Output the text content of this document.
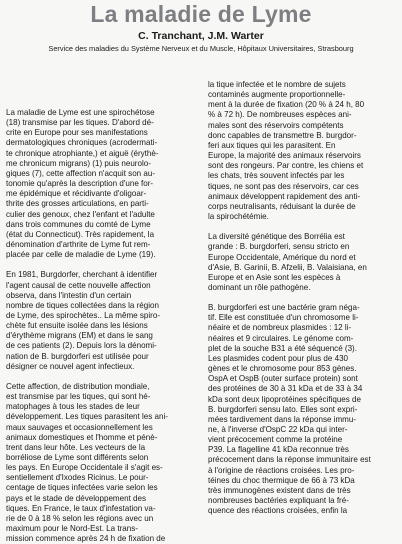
La maladie de Lyme
C. Tranchant, J.M. Warter
Service des maladies du Système Nerveux et du Muscle, Hôpitaux Universitaires, Strasbourg
La maladie de Lyme est une spirochétose
(18) transmise par les tiques. D'abord dé-
crite en Europe pour ses manifestations
dermatologiques chroniques (acrodermati-
te chronique atrophiante,) et aiguë (érythè-
me chronicum migrans) (1) puis neurolo-
giques (7), cette affection n'acquit son au-
tonomie qu'après la description d'une for-
me épidémique et récidivante d'oligoar-
thrite des grosses articulations, en parti-
culier des genoux, chez l'enfant et l'adulte
dans trois communes du comté de Lyme
(état du Connecticut). Très rapidement, la
dénomination d'arthrite de Lyme fut rem-
placée par celle de maladie de Lyme (19).
En 1981, Burgdorfer, cherchant à identifier
l'agent causal de cette nouvelle affection
observa, dans l'intestin d'un certain
nombre de tiques collectées dans la région
de Lyme, des spirochètes.. La même spiro-
chète fut ensuite isolée dans les lésions
d'érythème migrans (EM) et dans le sang
de ces patients (2). Depuis lors la dénomi-
nation de B. burgdorferi est utilisée pour
désigner ce nouvel agent infectieux.
Cette affection, de distribution mondiale,
est transmise par les tiques, qui sont hé-
matophages à tous les stades de leur
développement. Les tiques parasitent les ani-
maux sauvages et occasionnellement les
animaux domestiques et l'homme et pénè-
trent dans leur hôte. Les vecteurs de la
borréliose de Lyme sont différents selon
les pays. En Europe Occidentale il s'agit es-
sentiellement d'Ixodes Ricinus. Le pour-
centage de tiques infectées varie selon les
pays et le stade de développement des
tiques. En France, le taux d'infestation va-
rie de 0 à 18 % selon les régions avec un
maximum pour le Nord-Est. La trans-
mission commence après 24 h de fixation de
la tique infectée et le nombre de sujets
contaminés augmente proportionnelle-
ment à la durée de fixation (20 % à 24 h, 80
% à 72 h). De nombreuses espèces ani-
males sont des réservoirs compétents
donc capables de transmettre B. burgdor-
feri aux tiques qui les parasitent. En
Europe, la majorité des animaux réservoirs
sont des rongeurs. Par contre, les chiens et
les chats, très souvent infectés par les
tiques, ne sont pas des réservoirs, car ces
animaux développent rapidement des anti-
corps neutralisants, réduisant la durée de
la spirochétémie.
La diversité génétique des Borrélia est
grande : B. burgdorferi, sensu stricto en
Europe Occidentale, Amérique du nord et
d'Asie, B. Garinii, B. Afzelii, B. Valaisiana, en
Europe et en Asie sont les espèces à
dominant un rôle pathogène.
B. burgdorferi est une bactérie gram néga-
tif. Elle est constituée d'un chromosome li-
néaire et de nombreux plasmides : 12 li-
néaires et 9 circulaires. Le génome com-
plet de la souche B31 a été séquencé (3).
Les plasmides codent pour plus de 430
gènes et le chromosome pour 853 gènes.
OspA et OspB (outer surface protein) sont
des protéines de 30 à 31 kDa et de 33 à 34
kDa sont deux lipoprotéines spécifiques de
B. burgdorferi sensu lato. Elles sont expri-
mées tardivement dans la réponse immu-
ne, à l'inverse d'OspC 22 kDa qui inter-
vient précocement comme la protéine
P39. La flagelline 41 kDa reconnue très
précocement dans la réponse immunitaire est
à l'origine de réactions croisées. Les pro-
téines du choc thermique de 66 à 73 kDa
très immunogènes existent dans de très
nombreuses bactéries expliquant la fré-
quence des réactions croisées, enfin la
